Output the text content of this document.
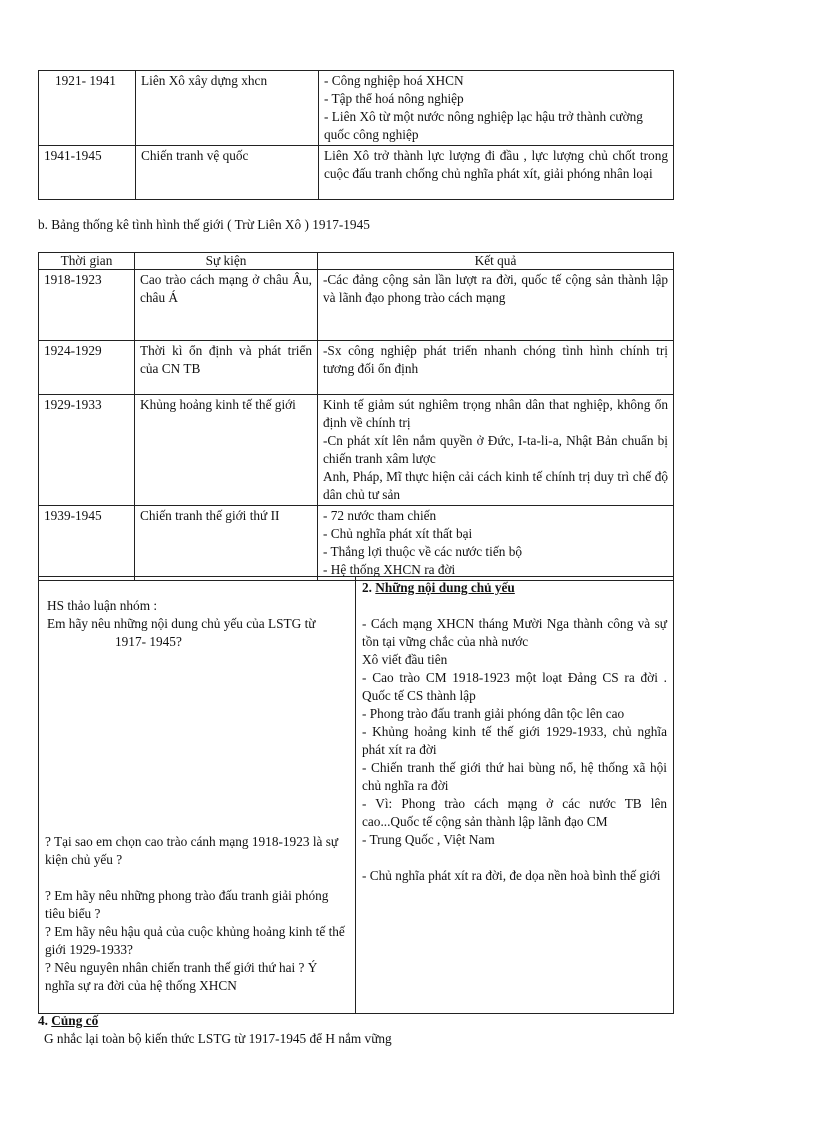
1921- 1941	Liên Xô xây dựng xhcn	- Công nghiệp hoá XHCN
- Tập thể hoá nông nghiệp
- Liên Xô từ một nước nông nghiệp lạc hậu trở thành cường quốc công nghiệp

1941-1945	Chiến tranh vệ quốc	Liên Xô trở thành lực lượng đi đầu , lực lượng chủ chốt trong cuộc đấu tranh chống chủ nghĩa phát xít, giải phóng nhân loại
b. Bảng thống kê tình hình thế giới ( Trừ Liên Xô ) 1917-1945
Thời gian	Sự kiện	Kết quả
1918-1923	Cao trào cách mạng ở châu Âu, châu Á	-Các đảng cộng sản lần lượt ra đời, quốc tế cộng sản thành lập và lãnh đạo phong trào cách mạng

1924-1929	Thời kì ổn định và phát triển của CN TB	-Sx công nghiệp phát triển nhanh chóng tình hình chính trị tương đối ổn định

1929-1933	Khủng hoảng kinh tế thế giới	Kinh tế giảm sút nghiêm trọng nhân dân that nghiệp, không ổn định về chính trị
-Cn phát xít lên nắm quyền ở Đức, I-ta-li-a, Nhật Bản chuẩn bị chiến tranh xâm lược
Anh, Pháp, Mĩ thực hiện cải cách kinh tế chính trị duy trì chế độ dân chủ tư sản

1939-1945	Chiến tranh thế giới thứ II	- 72 nước tham chiến
- Chủ nghĩa phát xít thất bại
- Thắng lợi thuộc về các nước tiến bộ
- Hệ thống XHCN ra đời
HS thảo luận nhóm :
Em hãy nêu những nội dung chủ yếu của LSTG từ
1917- 1945?
? Tại sao em chọn cao trào cánh mạng 1918-1923 là sự kiện chủ yếu ?
? Em hãy nêu những phong trào đấu tranh giải phóng tiêu biểu ?
? Em hãy nêu hậu quả của cuộc khủng hoảng kinh tế thế giới 1929-1933?
? Nêu nguyên nhân chiến tranh thế giới thứ hai ? Ý nghĩa sự ra đời của hệ thống XHCN

2. Những nội dung chủ yếu
- Cách mạng XHCN tháng Mười Nga thành công và sự tồn tại vững chắc của nhà nước
Xô viết đầu tiên
- Cao trào CM 1918-1923 một loạt Đảng CS ra đời . Quốc tế CS thành lập
- Phong trào đấu tranh giải phóng dân tộc lên cao
- Khủng hoảng kinh tế thế giới 1929-1933, chủ nghĩa phát xít ra đời
- Chiến tranh thế giới thứ hai bùng nổ, hệ thống xã hội chủ nghĩa ra đời
- Vì: Phong trào cách mạng ở các nước TB lên cao...Quốc tế cộng sản thành lập lãnh đạo CM
- Trung Quốc , Việt Nam
- Chủ nghĩa phát xít ra đời, đe dọa nền hoà bình thế giới
4. Củng cố
G nhắc lại toàn bộ kiến thức LSTG từ 1917-1945 để H nắm vững
